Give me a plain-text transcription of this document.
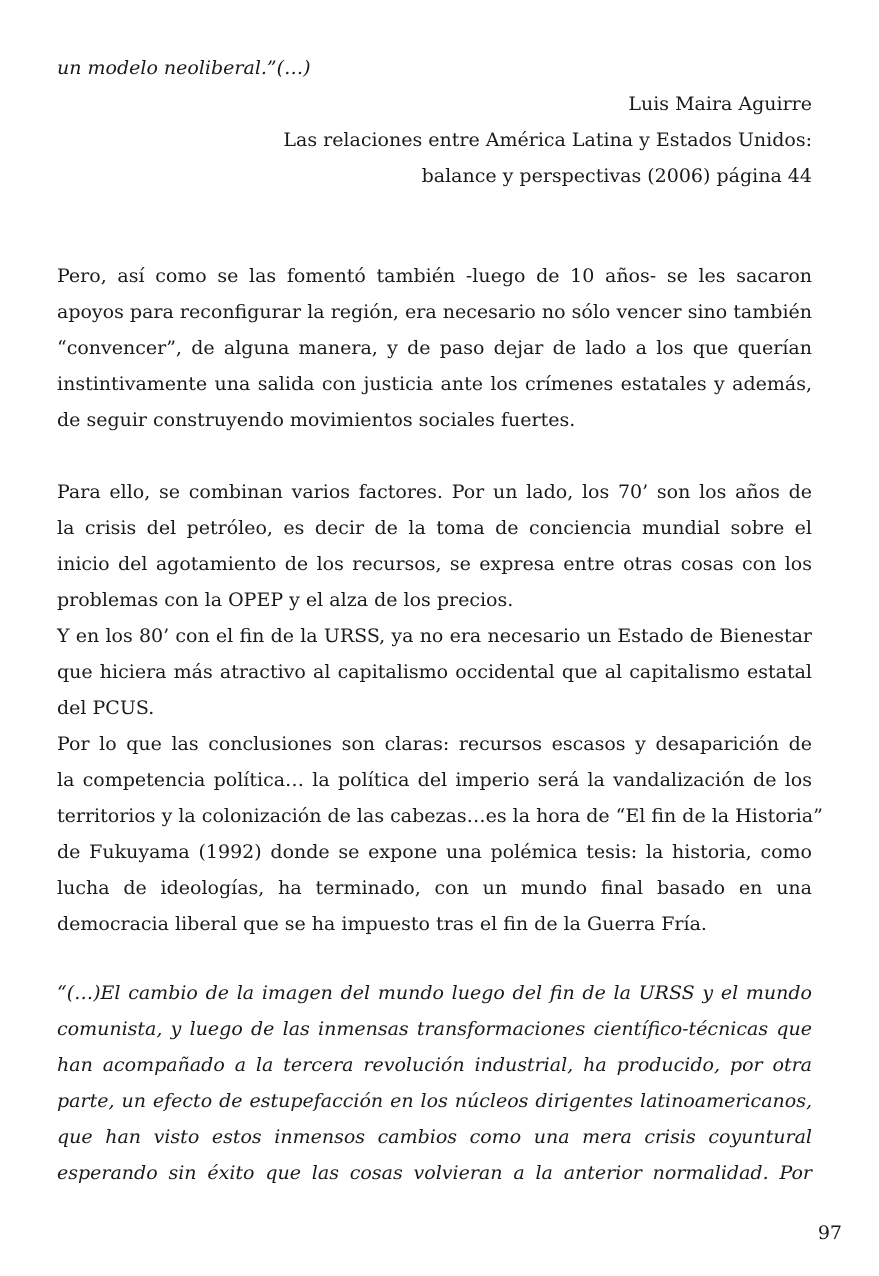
un modelo neoliberal.”(…)
Luis Maira Aguirre
Las relaciones entre América Latina y Estados Unidos:
balance y perspectivas (2006) página 44
Pero, así como se las fomentó también -luego de 10 años- se les sacaron
apoyos para reconfigurar la región, era necesario no sólo vencer sino también
“convencer”, de alguna manera, y de paso dejar de lado a los que querían
instintivamente una salida con justicia ante los crímenes estatales y además,
de seguir construyendo movimientos sociales fuertes.
Para ello, se combinan varios factores. Por un lado, los 70’ son los años de
la crisis del petróleo, es decir de la toma de conciencia mundial sobre el
inicio del agotamiento de los recursos, se expresa entre otras cosas con los
problemas con la OPEP y el alza de los precios.
Y en los 80’ con el fin de la URSS, ya no era necesario un Estado de Bienestar
que hiciera más atractivo al capitalismo occidental que al capitalismo estatal
del PCUS.
Por lo que las conclusiones son claras: recursos escasos y desaparición de
la competencia política… la política del imperio será la vandalización de los
territorios y la colonización de las cabezas…es la hora de “El fin de la Historia”
de Fukuyama (1992) donde se expone una polémica tesis: la historia, como
lucha de ideologías, ha terminado, con un mundo final basado en una
democracia liberal que se ha impuesto tras el fin de la Guerra Fría.
“(…)El cambio de la imagen del mundo luego del fin de la URSS y el mundo
comunista, y luego de las inmensas transformaciones científico-técnicas que
han acompañado a la tercera revolución industrial, ha producido, por otra
parte, un efecto de estupefacción en los núcleos dirigentes latinoamericanos,
que han visto estos inmensos cambios como una mera crisis coyuntural
esperando sin éxito que las cosas volvieran a la anterior normalidad. Por
97
